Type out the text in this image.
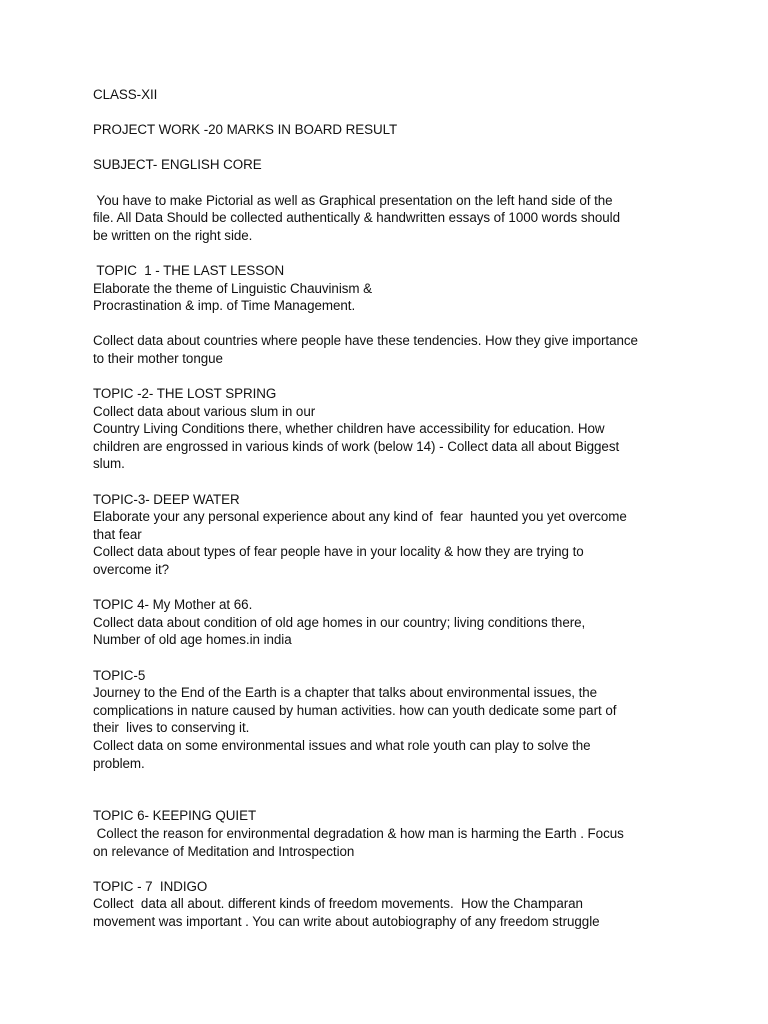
CLASS-XII
PROJECT WORK -20 MARKS IN BOARD RESULT
SUBJECT- ENGLISH CORE
You have to make Pictorial as well as Graphical presentation on the left hand side of the
file. All Data Should be collected authentically & handwritten essays of 1000 words should
be written on the right side.
TOPIC  1 - THE LAST LESSON
Elaborate the theme of Linguistic Chauvinism &
Procrastination & imp. of Time Management.
Collect data about countries where people have these tendencies. How they give importance
to their mother tongue
TOPIC -2- THE LOST SPRING
Collect data about various slum in our
Country Living Conditions there, whether children have accessibility for education. How
children are engrossed in various kinds of work (below 14) - Collect data all about Biggest
slum.
TOPIC-3- DEEP WATER
Elaborate your any personal experience about any kind of  fear  haunted you yet overcome
that fear
Collect data about types of fear people have in your locality & how they are trying to
overcome it?
TOPIC 4- My Mother at 66.
Collect data about condition of old age homes in our country; living conditions there,
Number of old age homes.in india
TOPIC-5
Journey to the End of the Earth is a chapter that talks about environmental issues, the
complications in nature caused by human activities. how can youth dedicate some part of
their  lives to conserving it.
Collect data on some environmental issues and what role youth can play to solve the
problem.
TOPIC 6- KEEPING QUIET
Collect the reason for environmental degradation & how man is harming the Earth . Focus
on relevance of Meditation and Introspection
TOPIC - 7  INDIGO
Collect  data all about. different kinds of freedom movements.  How the Champaran
movement was important . You can write about autobiography of any freedom struggle
